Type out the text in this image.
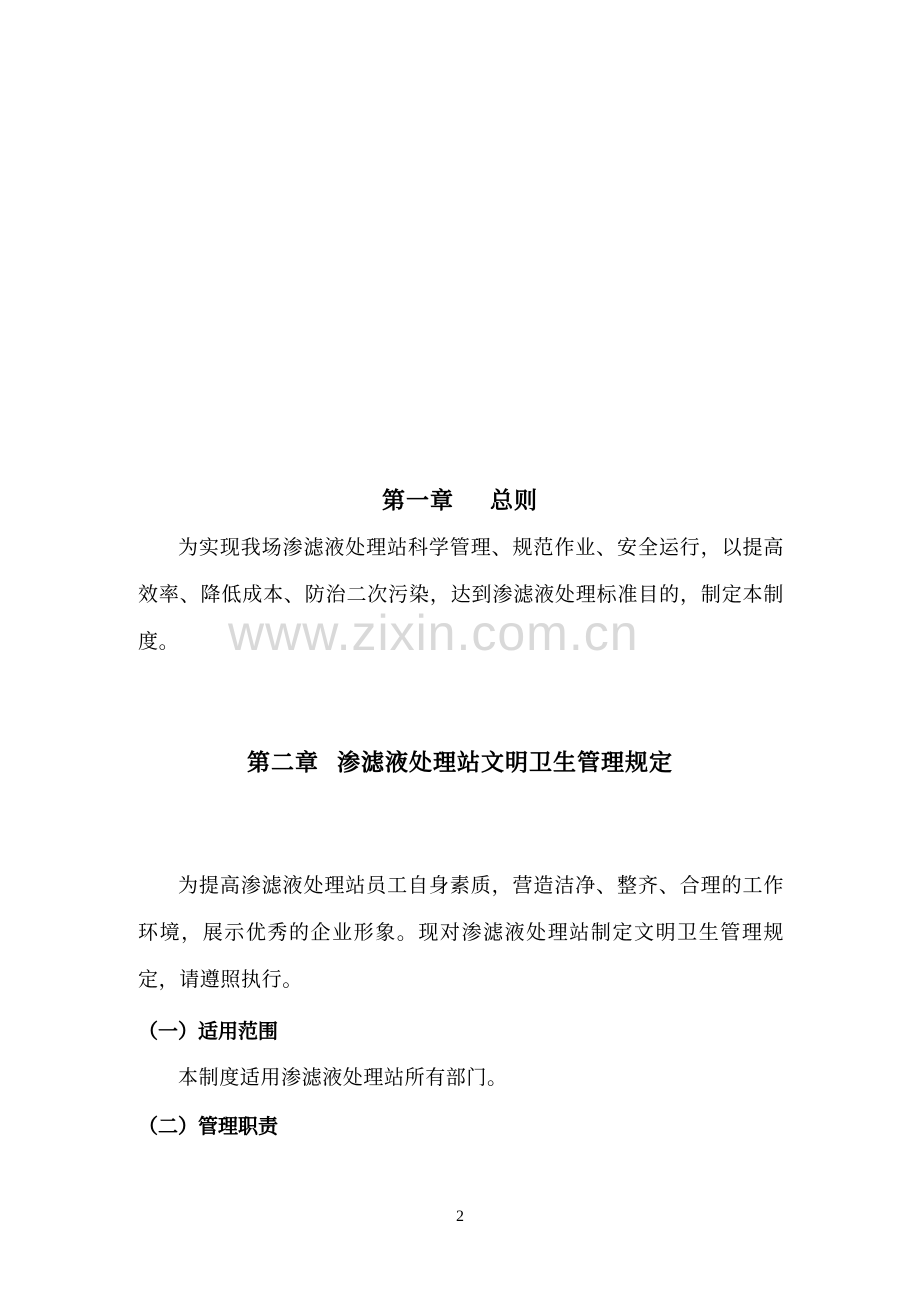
第一章    总则
为实现我场渗滤液处理站科学管理、规范作业、安全运行，以提高效率、降低成本、防治二次污染，达到渗滤液处理标准目的，制定本制度。 www.zixin.com.cn
第二章  渗滤液处理站文明卫生管理规定
为提高渗滤液处理站员工自身素质，营造洁净、整齐、合理的工作环境，展示优秀的企业形象。现对渗滤液处理站制定文明卫生管理规定，请遵照执行。
（一）适用范围
本制度适用渗滤液处理站所有部门。
（二）管理职责
2
